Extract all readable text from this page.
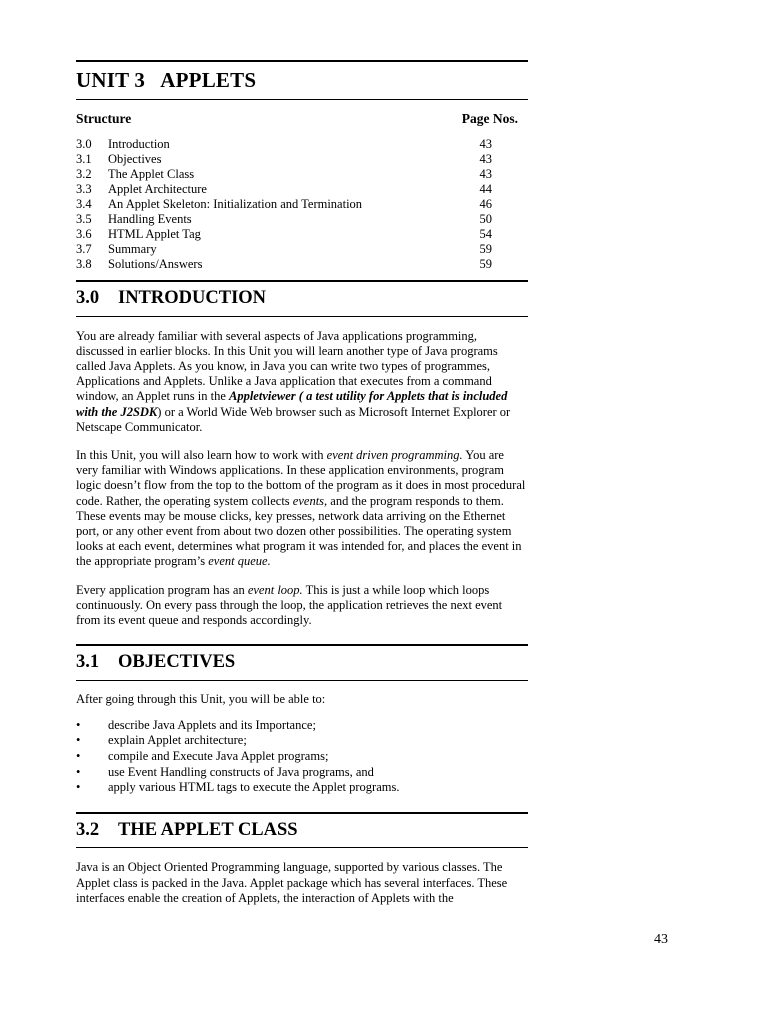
UNIT 3   APPLETS
Structure	Page Nos.
3.0	Introduction	43
3.1	Objectives	43
3.2	The Applet Class	43
3.3	Applet Architecture	44
3.4	An Applet Skeleton: Initialization and Termination	46
3.5	Handling Events	50
3.6	HTML Applet Tag	54
3.7	Summary	59
3.8	Solutions/Answers	59
3.0 INTRODUCTION

You are already familiar with several aspects of Java applications programming, discussed in earlier blocks. In this Unit you will learn another type of Java programs called Java Applets. As you know, in Java you can write two types of programmes, Applications and Applets. Unlike a Java application that executes from a command window, an Applet runs in the Appletviewer ( a test utility for Applets that is included with the J2SDK) or a World Wide Web browser such as Microsoft Internet Explorer or Netscape Communicator.

In this Unit, you will also learn how to work with event driven programming. You are very familiar with Windows applications. In these application environments, program logic doesn’t flow from the top to the bottom of the program as it does in most procedural code. Rather, the operating system collects events, and the program responds to them. These events may be mouse clicks, key presses, network data arriving on the Ethernet port, or any other event from about two dozen other possibilities. The operating system looks at each event, determines what program it was intended for, and places the event in the appropriate program’s event queue.

Every application program has an event loop. This is just a while loop which loops continuously. On every pass through the loop, the application retrieves the next event from its event queue and responds accordingly.

3.1 OBJECTIVES

After going through this Unit, you will be able to:

•	describe Java Applets and its Importance;
•	explain Applet architecture;
•	compile and Execute Java Applet programs;
•	use Event Handling constructs of Java programs, and
•	apply various HTML tags to execute the Applet programs.
3.2 THE APPLET CLASS

Java is an Object Oriented Programming language, supported by various classes. The Applet class is packed in the Java. Applet package which has several interfaces. These interfaces enable the creation of Applets, the interaction of Applets with the

43
